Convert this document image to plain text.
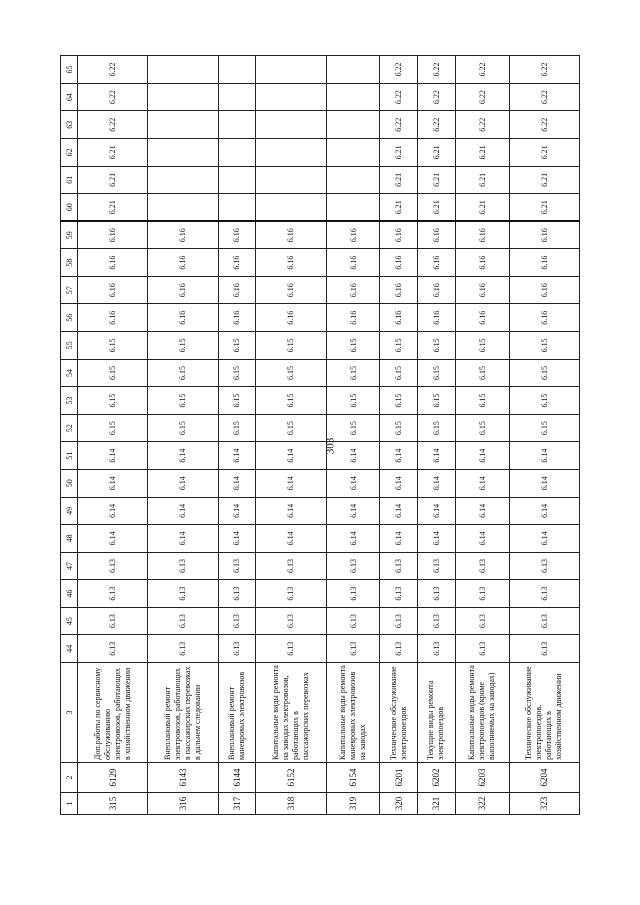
303
1	2	3	44	45	46	47	48	49	50	51	52	53	54	55	56	57	58	59	60	61	62	63	64	65
315	6129	Доп.работы по сервисному обслуживанию электровозов, работающих в хозяйственном движении	6.13	6.13	6.13	6.13	6.14	6.14	6.14	6.14	6.15	6.15	6.15	6.15	6.16	6.16	6.16	6.16	6.21	6.21	6.21	6.22	6.22	6.22
316	6143	Внеплановый ремонт электровозов, работающих в пассажирских перевозках в дальнем следовании	6.13	6.13	6.13	6.13	6.14	6.14	6.14	6.14	6.15	6.15	6.15	6.15	6.16	6.16	6.16	6.16						
317	6144	Внеплановый ремонт маневровых электровозов	6.13	6.13	6.13	6.13	6.14	6.14	6.14	6.14	6.15	6.15	6.15	6.15	6.16	6.16	6.16	6.16						
318	6152	Капитальные виды ремонта на заводах электровозов, работающих в пассажирских перевозках	6.13	6.13	6.13	6.13	6.14	6.14	6.14	6.14	6.15	6.15	6.15	6.15	6.16	6.16	6.16	6.16						
319	6154	Капитальные виды ремонта маневровых электровозов на заводах	6.13	6.13	6.13	6.13	6.14	6.14	6.14	6.14	6.15	6.15	6.15	6.15	6.16	6.16	6.16	6.16						
320	6201	Техническое обслуживание электропоездов	6.13	6.13	6.13	6.13	6.14	6.14	6.14	6.14	6.15	6.15	6.15	6.15	6.16	6.16	6.16	6.16	6.21	6.21	6.21	6.22	6.22	6.22
321	6202	Текущие виды ремонта электропоездов	6.13	6.13	6.13	6.13	6.14	6.14	6.14	6.14	6.15	6.15	6.15	6.15	6.16	6.16	6.16	6.16	6.21	6.21	6.21	6.22	6.22	6.22
322	6203	Капитальные виды ремонта электропоездов (кроме выполняемых на заводах)	6.13	6.13	6.13	6.13	6.14	6.14	6.14	6.14	6.15	6.15	6.15	6.15	6.16	6.16	6.16	6.16	6.21	6.21	6.21	6.22	6.22	6.22
323	6204	Техническое обслуживание электропоездов, работающих в хозяйственном движении	6.13	6.13	6.13	6.13	6.14	6.14	6.14	6.14	6.15	6.15	6.15	6.15	6.16	6.16	6.16	6.16	6.21	6.21	6.21	6.22	6.22	6.22
